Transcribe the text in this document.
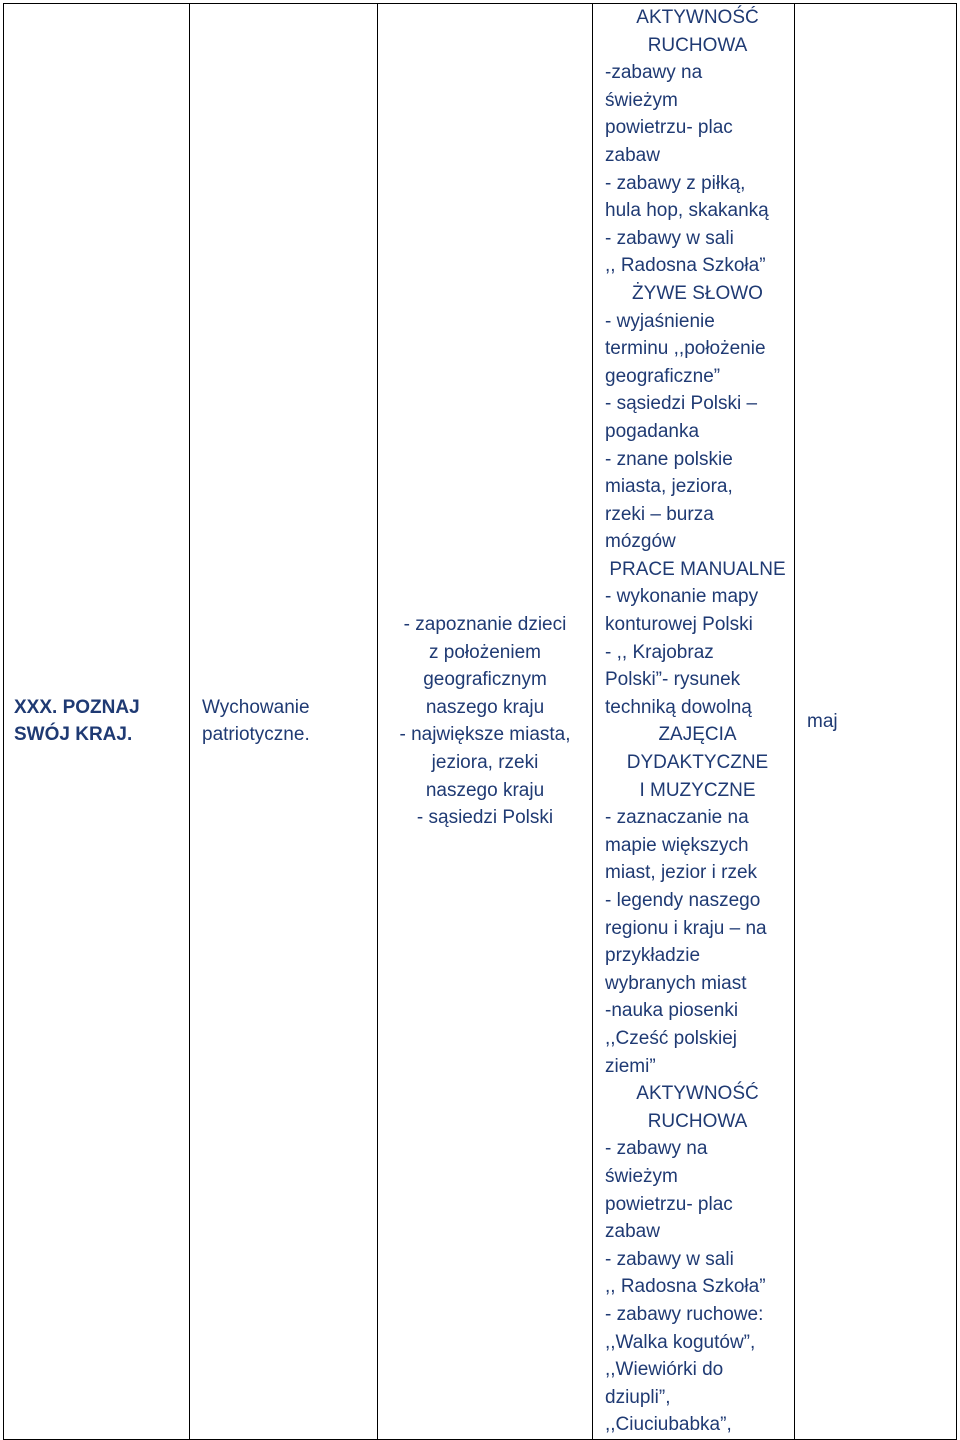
XXX. POZNAJ
SWÓJ KRAJ.

Wychowanie
patriotyczne.

- zapoznanie dzieci
z położeniem
geograficznym
naszego kraju
- największe miasta,
jeziora, rzeki
naszego kraju
- sąsiedzi Polski

AKTYWNOŚĆ
RUCHOWA
-zabawy na
świeżym
powietrzu- plac
zabaw
- zabawy z piłką,
hula hop, skakanką
- zabawy w sali
,, Radosna Szkoła”
ŻYWE SŁOWO
- wyjaśnienie
terminu ,,położenie
geograficzne”
- sąsiedzi Polski –
pogadanka
- znane polskie
miasta, jeziora,
rzeki – burza
mózgów
PRACE MANUALNE
- wykonanie mapy
konturowej Polski
- ,, Krajobraz
Polski”- rysunek
techniką dowolną
ZAJĘCIA
DYDAKTYCZNE
I MUZYCZNE
- zaznaczanie na
mapie większych
miast, jezior i rzek
- legendy naszego
regionu i kraju – na
przykładzie
wybranych miast
-nauka piosenki
,,Cześć polskiej
ziemi”
AKTYWNOŚĆ
RUCHOWA
- zabawy na
świeżym
powietrzu- plac
zabaw
- zabawy w sali
,, Radosna Szkoła”
- zabawy ruchowe:
,,Walka kogutów”,
,,Wiewiórki do
dziupli”,
,,Ciuciubabka”,

maj
